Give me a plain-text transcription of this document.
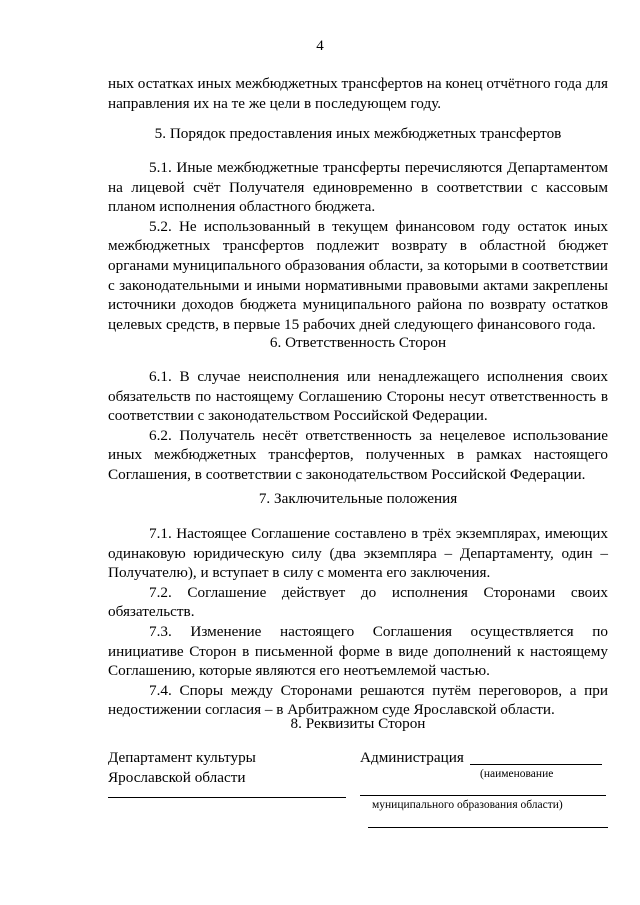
4

ных остатках иных межбюджетных трансфертов на конец отчётного года для направления их на те же цели в последующем году.

5. Порядок предоставления иных межбюджетных трансфертов

5.1. Иные межбюджетные трансферты перечисляются Департаментом на лицевой счёт Получателя единовременно в соответствии с кассовым планом исполнения областного бюджета.

5.2. Не использованный в текущем финансовом году остаток иных межбюджетных трансфертов подлежит возврату в областной бюджет органами муниципального образования области, за которыми в соответствии с законодательными и иными нормативными правовыми актами закреплены источники доходов бюджета муниципального района по возврату остатков целевых средств, в первые 15 рабочих дней следующего финансового года.

6. Ответственность Сторон

6.1. В случае неисполнения или ненадлежащего исполнения своих обязательств по настоящему Соглашению Стороны несут ответственность в соответствии с законодательством Российской Федерации.

6.2. Получатель несёт ответственность за нецелевое использование иных межбюджетных трансфертов, полученных в рамках настоящего Соглашения, в соответствии с законодательством Российской Федерации.

7. Заключительные положения

7.1. Настоящее Соглашение составлено в трёх экземплярах, имеющих одинаковую юридическую силу (два экземпляра – Департаменту, один – Получателю), и вступает в силу с момента его заключения.

7.2. Соглашение действует до исполнения Сторонами своих обязательств.

7.3. Изменение настоящего Соглашения осуществляется по инициативе Сторон в письменной форме в виде дополнений к настоящему Соглашению, которые являются его неотъемлемой частью.

7.4. Споры между Сторонами решаются путём переговоров, а при недостижении согласия – в Арбитражном суде Ярославской области.

8. Реквизиты Сторон
Департамент культуры
Ярославской области
Администрация
(наименование
муниципального образования области)
